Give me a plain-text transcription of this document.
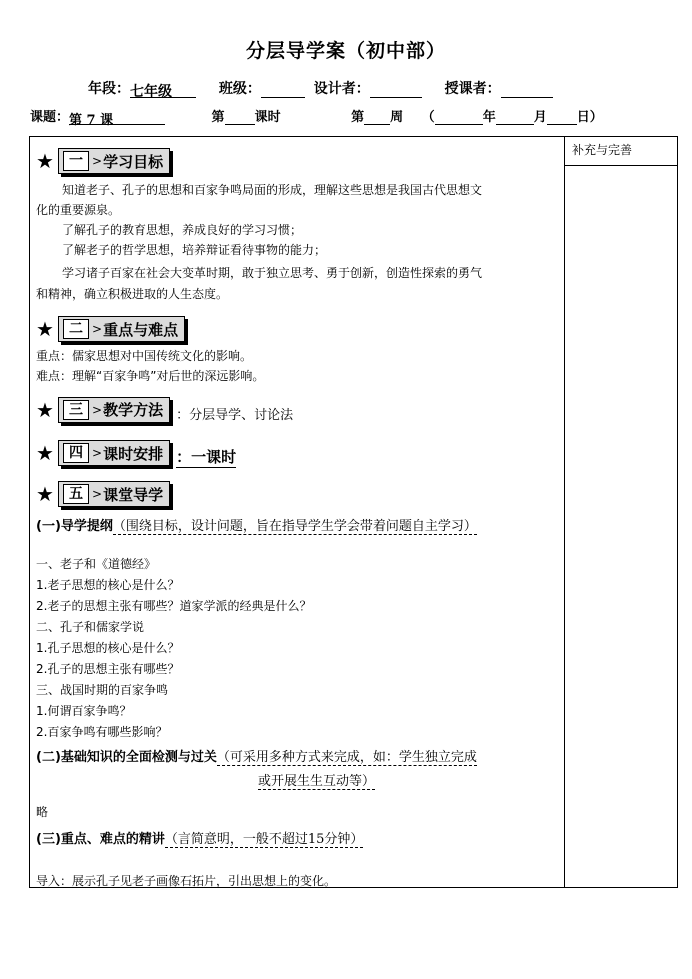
分层导学案（初中部）
年段：七年级	班级：	设计者：	授课者：
课题：第 7 课	第 课时	第 周 （	年	月 日）
补充与完善
★	一 > 学习目标
知道老子、孔子的思想和百家争鸣局面的形成，理解这些思想是我国古代思想文
化的重要源泉。
了解孔子的教育思想，养成良好的学习习惯；
了解老子的哲学思想，培养辩证看待事物的能力；
学习诸子百家在社会大变革时期，敢于独立思考、勇于创新，创造性探索的勇气
和精神，确立积极进取的人生态度。
★	二 > 重点与难点
重点：儒家思想对中国传统文化的影响。
难点：理解“百家争鸣”对后世的深远影响。
★	三 > 教学方法 ：分层导学、讨论法
★	四 > 课时安排 ：一课时
★	五 > 课堂导学
(一)导学提纲（围绕目标，设计问题，旨在指导学生学会带着问题自主学习）
一、老子和《道德经》
1.老子思想的核心是什么？
2.老子的思想主张有哪些？道家学派的经典是什么？
二、孔子和儒家学说
1.孔子思想的核心是什么？
2.孔子的思想主张有哪些？
三、战国时期的百家争鸣
1.何谓百家争鸣？
2.百家争鸣有哪些影响？
(二)基础知识的全面检测与过关（可采用多种方式来完成，如：学生独立完成
或开展生生互动等）
略
(三)重点、难点的精讲（言简意明，一般不超过15分钟）
导入：展示孔子见老子画像石拓片，引出思想上的变化。
